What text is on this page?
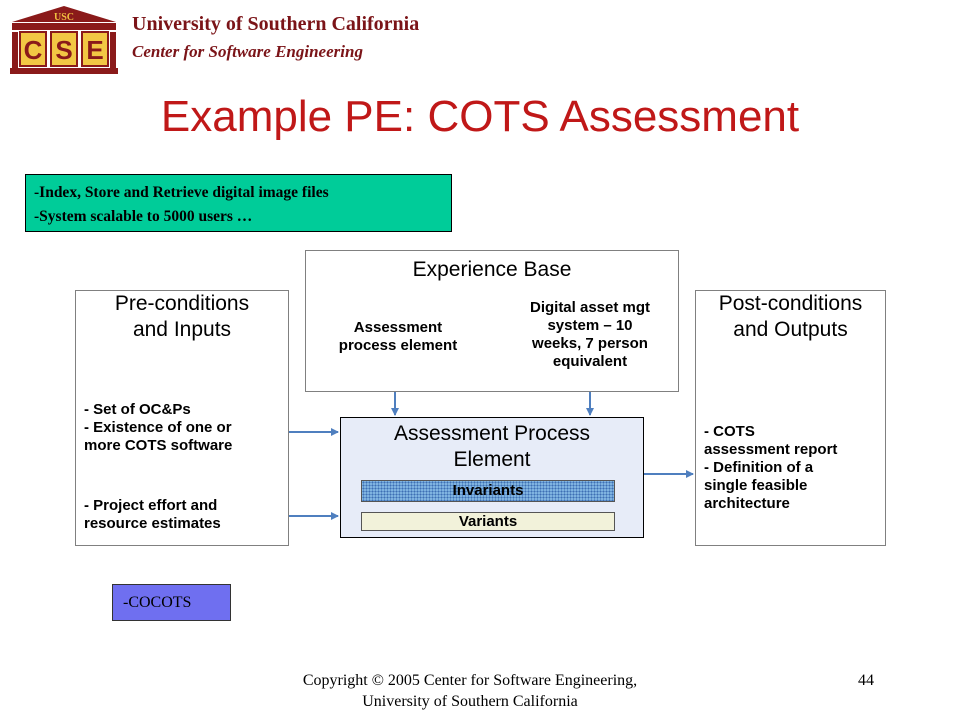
USC
C S E
University of Southern California
Center for Software Engineering
Example PE: COTS Assessment
-Index, Store and Retrieve digital image files
-System scalable to 5000 users …
Experience Base
Assessment
process element
Digital asset mgt
system – 10
weeks, 7 person
equivalent
Pre-conditions
and Inputs
- Set of OC&Ps
- Existence of one or
more COTS software
- Project effort and
resource estimates
Assessment Process
Element
Invariants
Variants
Post-conditions
and Outputs
- COTS
assessment report
- Definition of a
single feasible
architecture
-COCOTS
Copyright © 2005 Center for Software Engineering,
University of Southern California
44
